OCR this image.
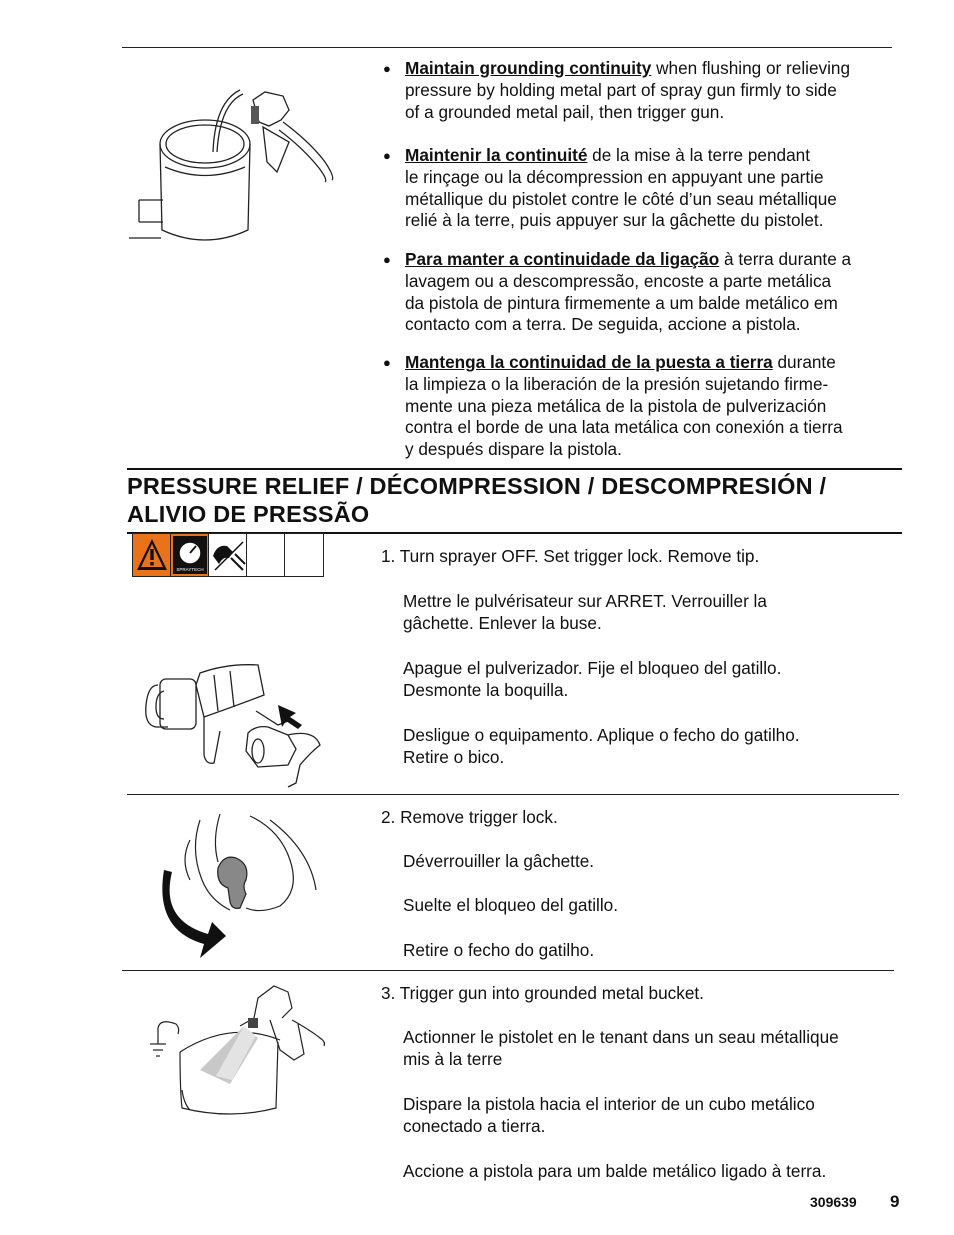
● Maintain grounding continuity when flushing or relieving
pressure by holding metal part of spray gun firmly to side
of a grounded metal pail, then trigger gun.
● Maintenir la continuité de la mise à la terre pendant
le rinçage ou la décompression en appuyant une partie
métallique du pistolet contre le côté d’un seau métallique
relié à la terre, puis appuyer sur la gâchette du pistolet.
● Para manter a continuidade da ligação à terra durante a
lavagem ou a descompressão, encoste a parte metálica
da pistola de pintura firmemente a um balde metálico em
contacto com a terra. De seguida, accione a pistola.
● Mantenga la continuidad de la puesta a tierra durante
la limpieza o la liberación de la presión sujetando firme-
mente una pieza metálica de la pistola de pulverización
contra el borde de una lata metálica con conexión a tierra
y después dispare la pistola.
PRESSURE RELIEF / DÉCOMPRESSION / DESCOMPRESIÓN /
ALIVIO DE PRESSÃO
SPRAYTECH

1. Turn sprayer OFF. Set trigger lock. Remove tip.

Mettre le pulvérisateur sur ARRET. Verrouiller la

gâchette. Enlever la buse.

Apague el pulverizador. Fije el bloqueo del gatillo.

Desmonte la boquilla.

Desligue o equipamento. Aplique o fecho do gatilho.

Retire o bico.

2. Remove trigger lock.

Déverrouiller la gâchette.

Suelte el bloqueo del gatillo.

Retire o fecho do gatilho.

3. Trigger gun into grounded metal bucket.

Actionner le pistolet en le tenant dans un seau métallique

mis à la terre

Dispare la pistola hacia el interior de un cubo metálico

conectado a tierra.

Accione a pistola para um balde metálico ligado à terra.

309639 9
